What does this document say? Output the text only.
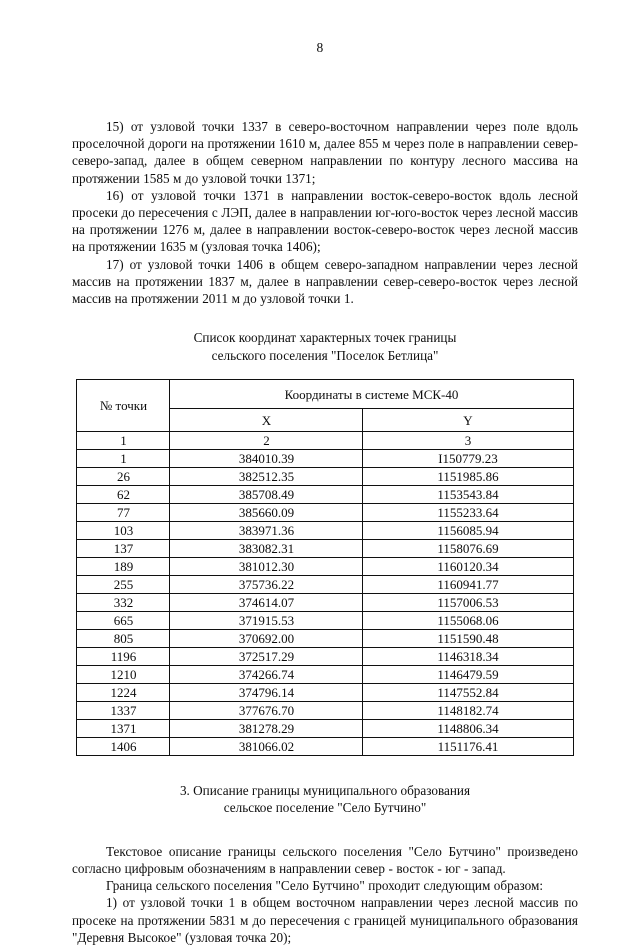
8

15) от узловой точки 1337 в северо-восточном направлении через поле вдоль проселочной дороги на протяжении 1610 м, далее 855 м через поле в направлении север-северо-запад, далее в общем северном направлении по контуру лесного массива на протяжении 1585 м до узловой точки 1371;

16) от узловой точки 1371 в направлении восток-северо-восток вдоль лесной просеки до пересечения с ЛЭП, далее в направлении юг-юго-восток через лесной массив на протяжении 1276 м, далее в направлении восток-северо-восток через лесной массив на протяжении 1635 м (узловая точка 1406);

17) от узловой точки 1406 в общем северо-западном направлении через лесной массив на протяжении 1837 м, далее в направлении север-северо-восток через лесной массив на протяжении 2011 м до узловой точки 1.

Список координат характерных точек границы
сельского поселения "Поселок Бетлица"
№ точки	Координаты в системе МСК-40	
	X	Y
1	2	3
1	384010.39	I150779.23
26	382512.35	1151985.86
62	385708.49	1153543.84
77	385660.09	1155233.64
103	383971.36	1156085.94
137	383082.31	1158076.69
189	381012.30	1160120.34
255	375736.22	1160941.77
332	374614.07	1157006.53
665	371915.53	1155068.06
805	370692.00	1151590.48
1196	372517.29	1146318.34
1210	374266.74	1146479.59
1224	374796.14	1147552.84
1337	377676.70	1148182.74
1371	381278.29	1148806.34
1406	381066.02	1151176.41
3. Описание границы муниципального образования
сельское поселение "Село Бутчино"

Текстовое описание границы сельского поселения "Село Бутчино" произведено согласно цифровым обозначениям в направлении север - восток - юг - запад.

Граница сельского поселения "Село Бутчино" проходит следующим образом:

1) от узловой точки 1 в общем восточном направлении через лесной массив по просеке на протяжении 5831 м до пересечения с границей муниципального образования "Деревня Высокое" (узловая точка 20);
